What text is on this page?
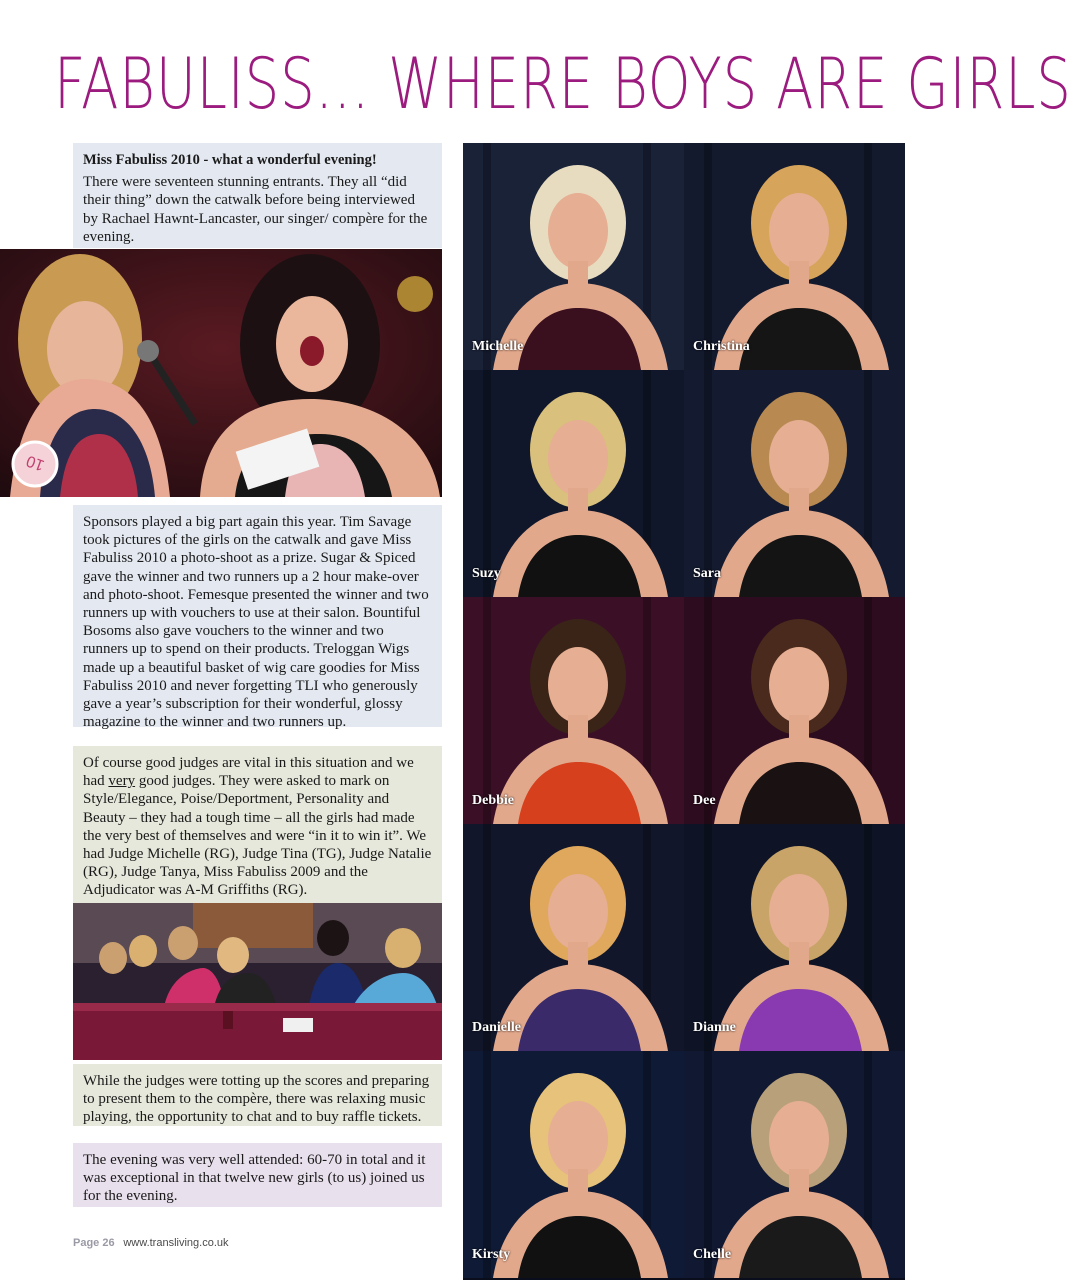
FABULISS... WHERE BOYS ARE GIRLS
Miss Fabuliss 2010 - what a wonderful evening!

There were seventeen stunning entrants. They all “did their thing” down the catwalk before being interviewed by Rachael Hawnt-Lancaster, our singer/ compère for the evening.

10

Sponsors played a big part again this year. Tim Savage took pictures of the girls on the catwalk and gave Miss Fabuliss 2010 a photo-shoot as a prize. Sugar & Spiced gave the winner and two runners up a 2 hour make-over and photo-shoot. Femesque presented the winner and two runners up with vouchers to use at their salon. Bountiful Bosoms also gave vouchers to the winner and two runners up to spend on their products. Treloggan Wigs made up a beautiful basket of wig care goodies for Miss Fabuliss 2010 and never forgetting TLI who generously gave a year’s subscription for their wonderful, glossy magazine to the winner and two runners up.

Of course good judges are vital in this situation and we had very good judges. They were asked to mark on Style/Elegance, Poise/Deportment, Personality and Beauty – they had a tough time – all the girls had made the very best of themselves and were “in it to win it”. We had Judge Michelle (RG), Judge Tina (TG), Judge Natalie (RG), Judge Tanya, Miss Fabuliss 2009 and the Adjudicator was A-M Griffiths (RG).

While the judges were totting up the scores and preparing to present them to the compère, there was relaxing music playing, the opportunity to chat and to buy raffle tickets.

The evening was very well attended: 60-70 in total and it was exceptional in that twelve new girls (to us) joined us for the evening.

Michelle	Christina
Suzy	Sara
Debbie	Dee
Danielle	Dianne
Kirsty	Chelle
Page 26 www.transliving.co.uk
